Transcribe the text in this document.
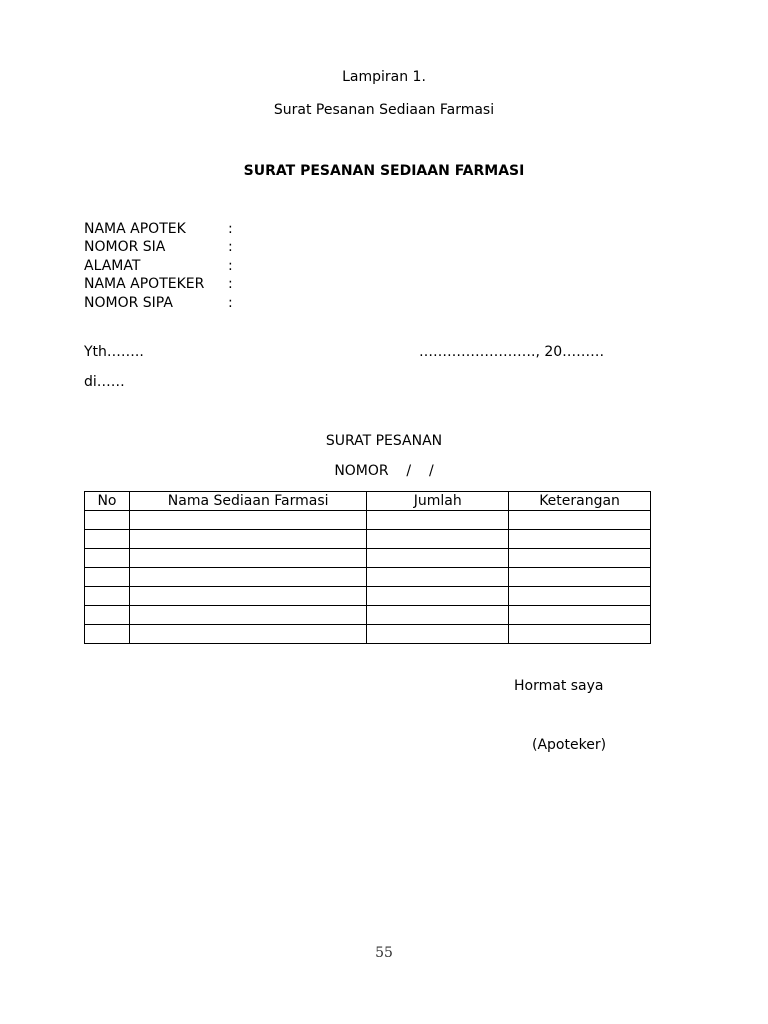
Lampiran 1.
Surat Pesanan Sediaan Farmasi
SURAT PESANAN SEDIAAN FARMASI
NAMA APOTEK	:
NOMOR SIA	:
ALAMAT	:
NAMA APOTEKER :
NOMOR SIPA	:
Yth……..	……………………., 20………
di……
SURAT PESANAN
NOMOR    /    /
No	Nama Sediaan Farmasi	Jumlah	Keterangan

Hormat saya
(Apoteker)
55
